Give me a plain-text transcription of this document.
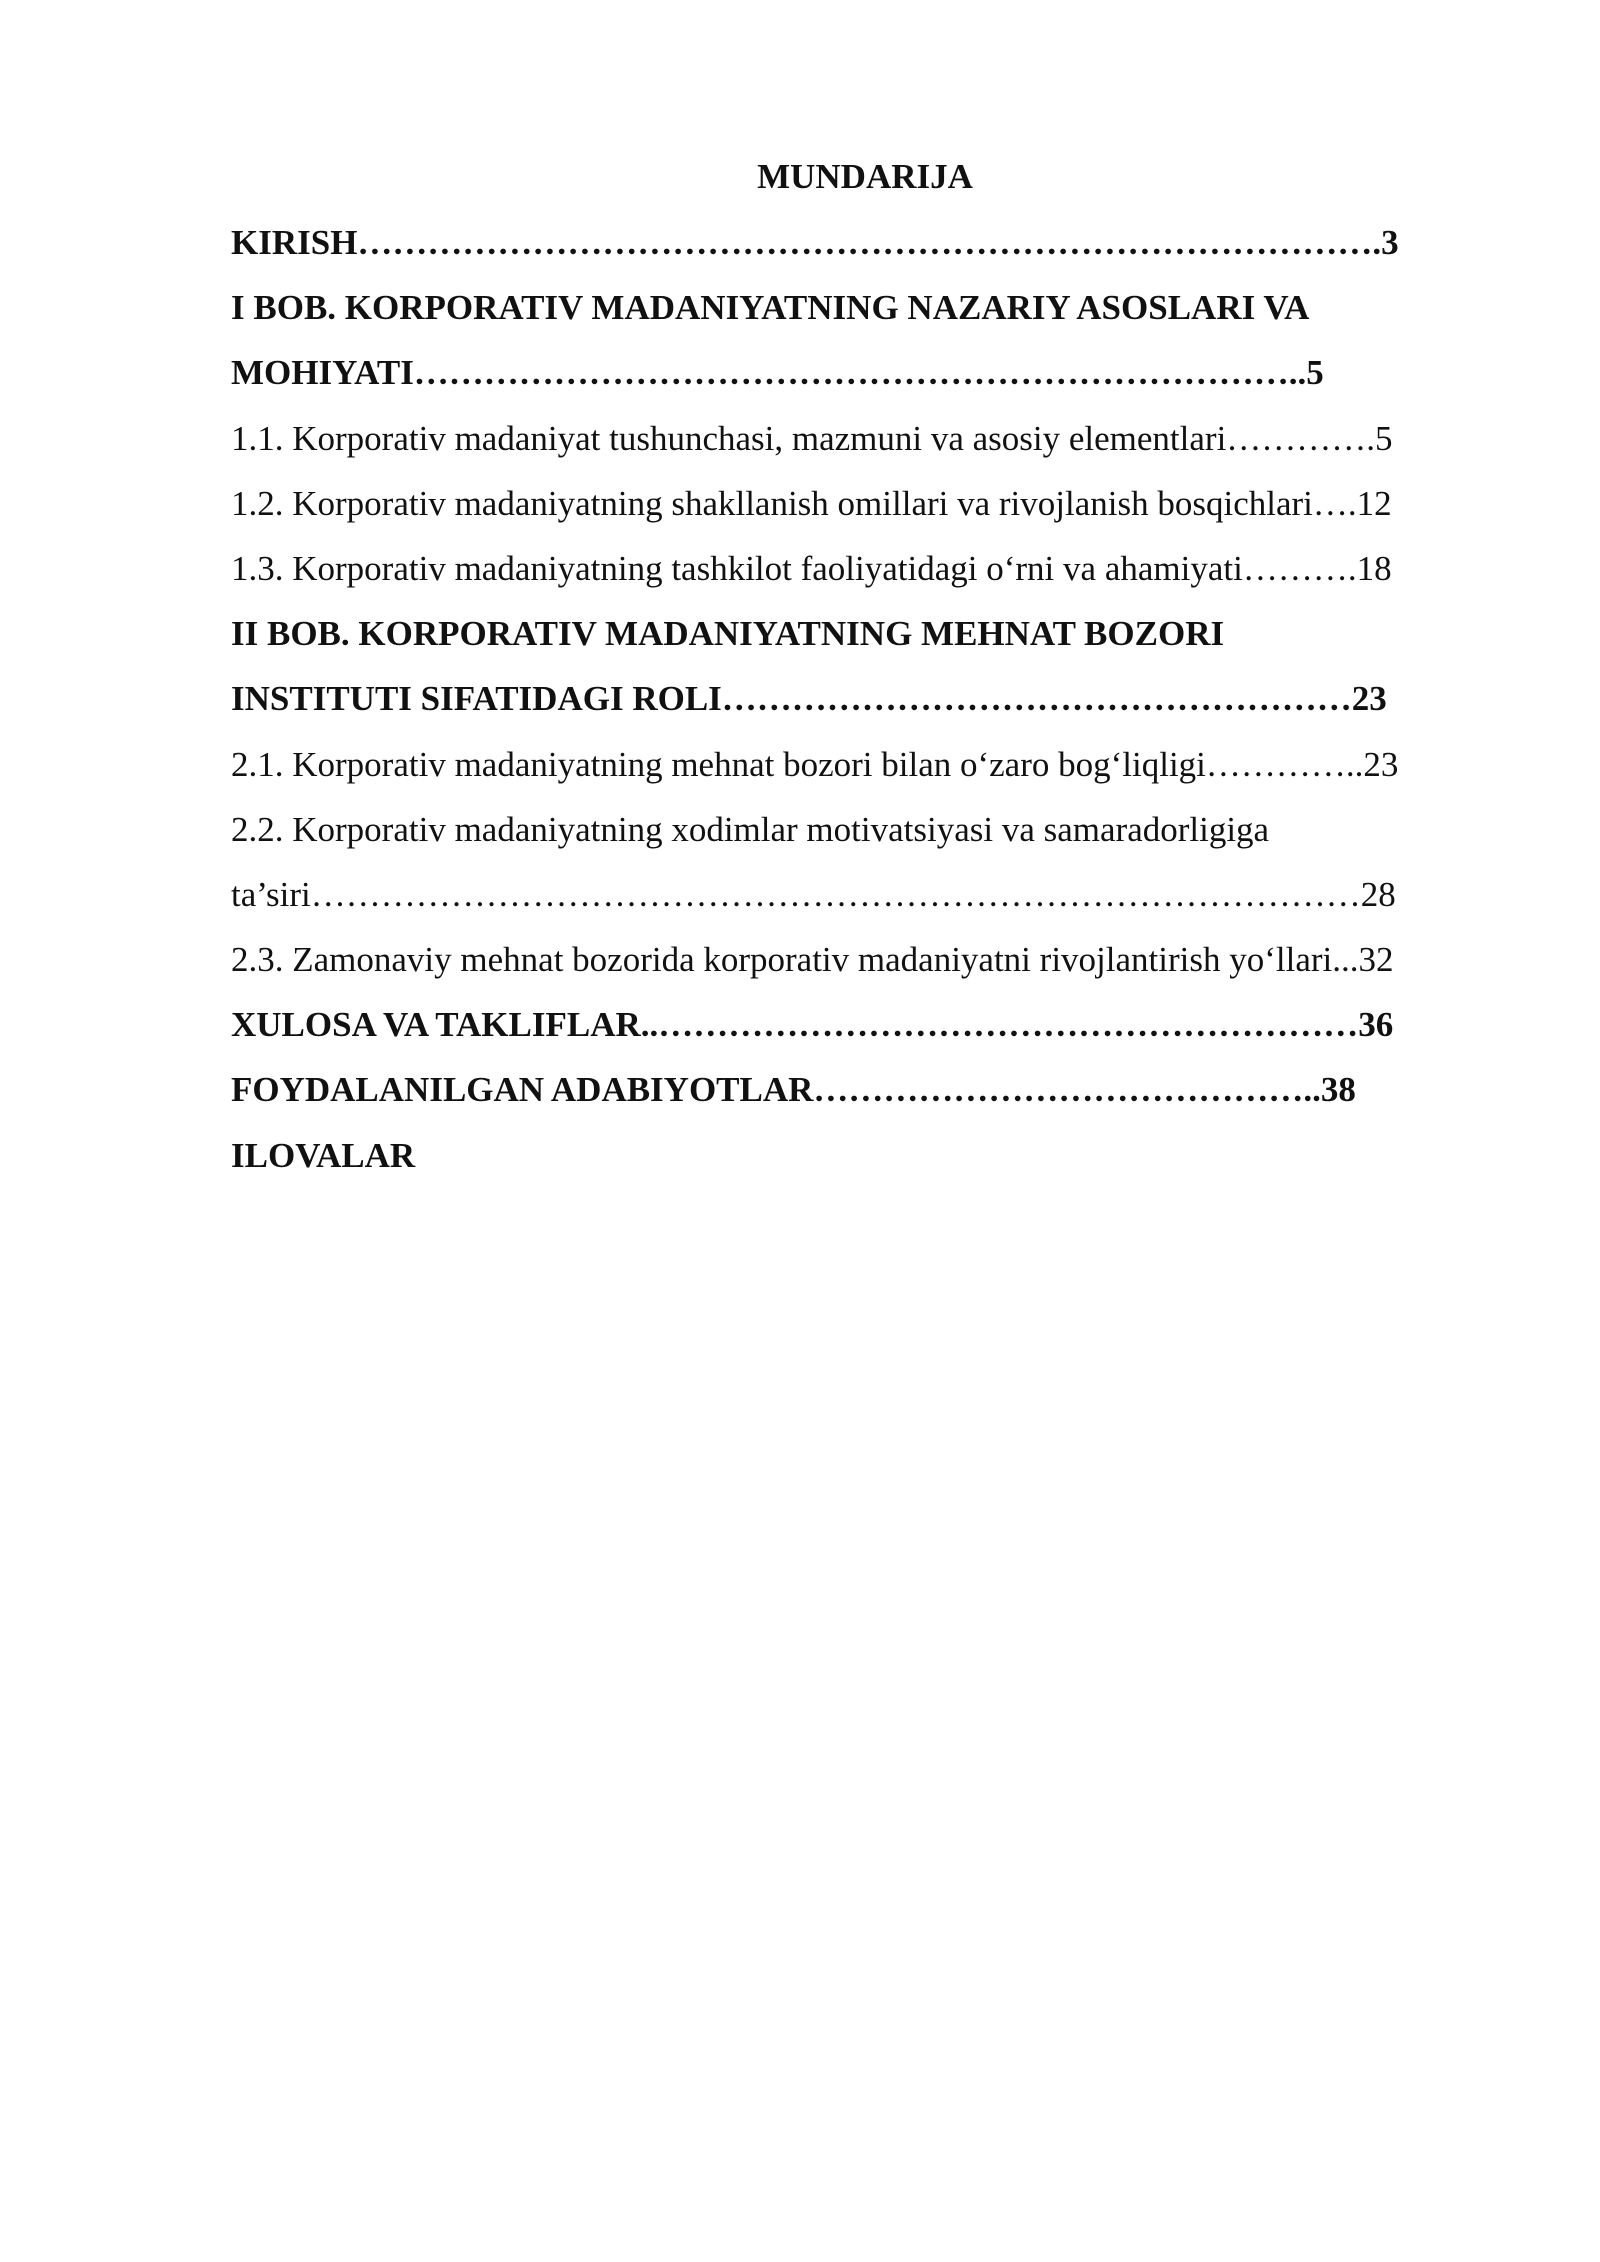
MUNDARIJA
KIRISH…………………………………………………………………………….3
I BOB. KORPORATIV MADANIYATNING NAZARIY ASOSLARI VA
MOHIYATI…………………………………………………………………..5
1.1. Korporativ madaniyat tushunchasi, mazmuni va asosiy elementlari………….5
1.2. Korporativ madaniyatning shakllanish omillari va rivojlanish bosqichlari….12
1.3. Korporativ madaniyatning tashkilot faoliyatidagi o‘rni va ahamiyati……….18
II BOB. KORPORATIV MADANIYATNING MEHNAT BOZORI
INSTITUTI SIFATIDAGI ROLI………………………………………………23
2.1. Korporativ madaniyatning mehnat bozori bilan o‘zaro bog‘liqligi…………..23
2.2. Korporativ madaniyatning xodimlar motivatsiyasi va samaradorligiga
ta’siri………………………………………………………………………………28
2.3. Zamonaviy mehnat bozorida korporativ madaniyatni rivojlantirish yo‘llari...32
XULOSA VA TAKLIFLAR..……………………………………………………36
FOYDALANILGAN ADABIYOTLAR……………………………………..38
ILOVALAR
